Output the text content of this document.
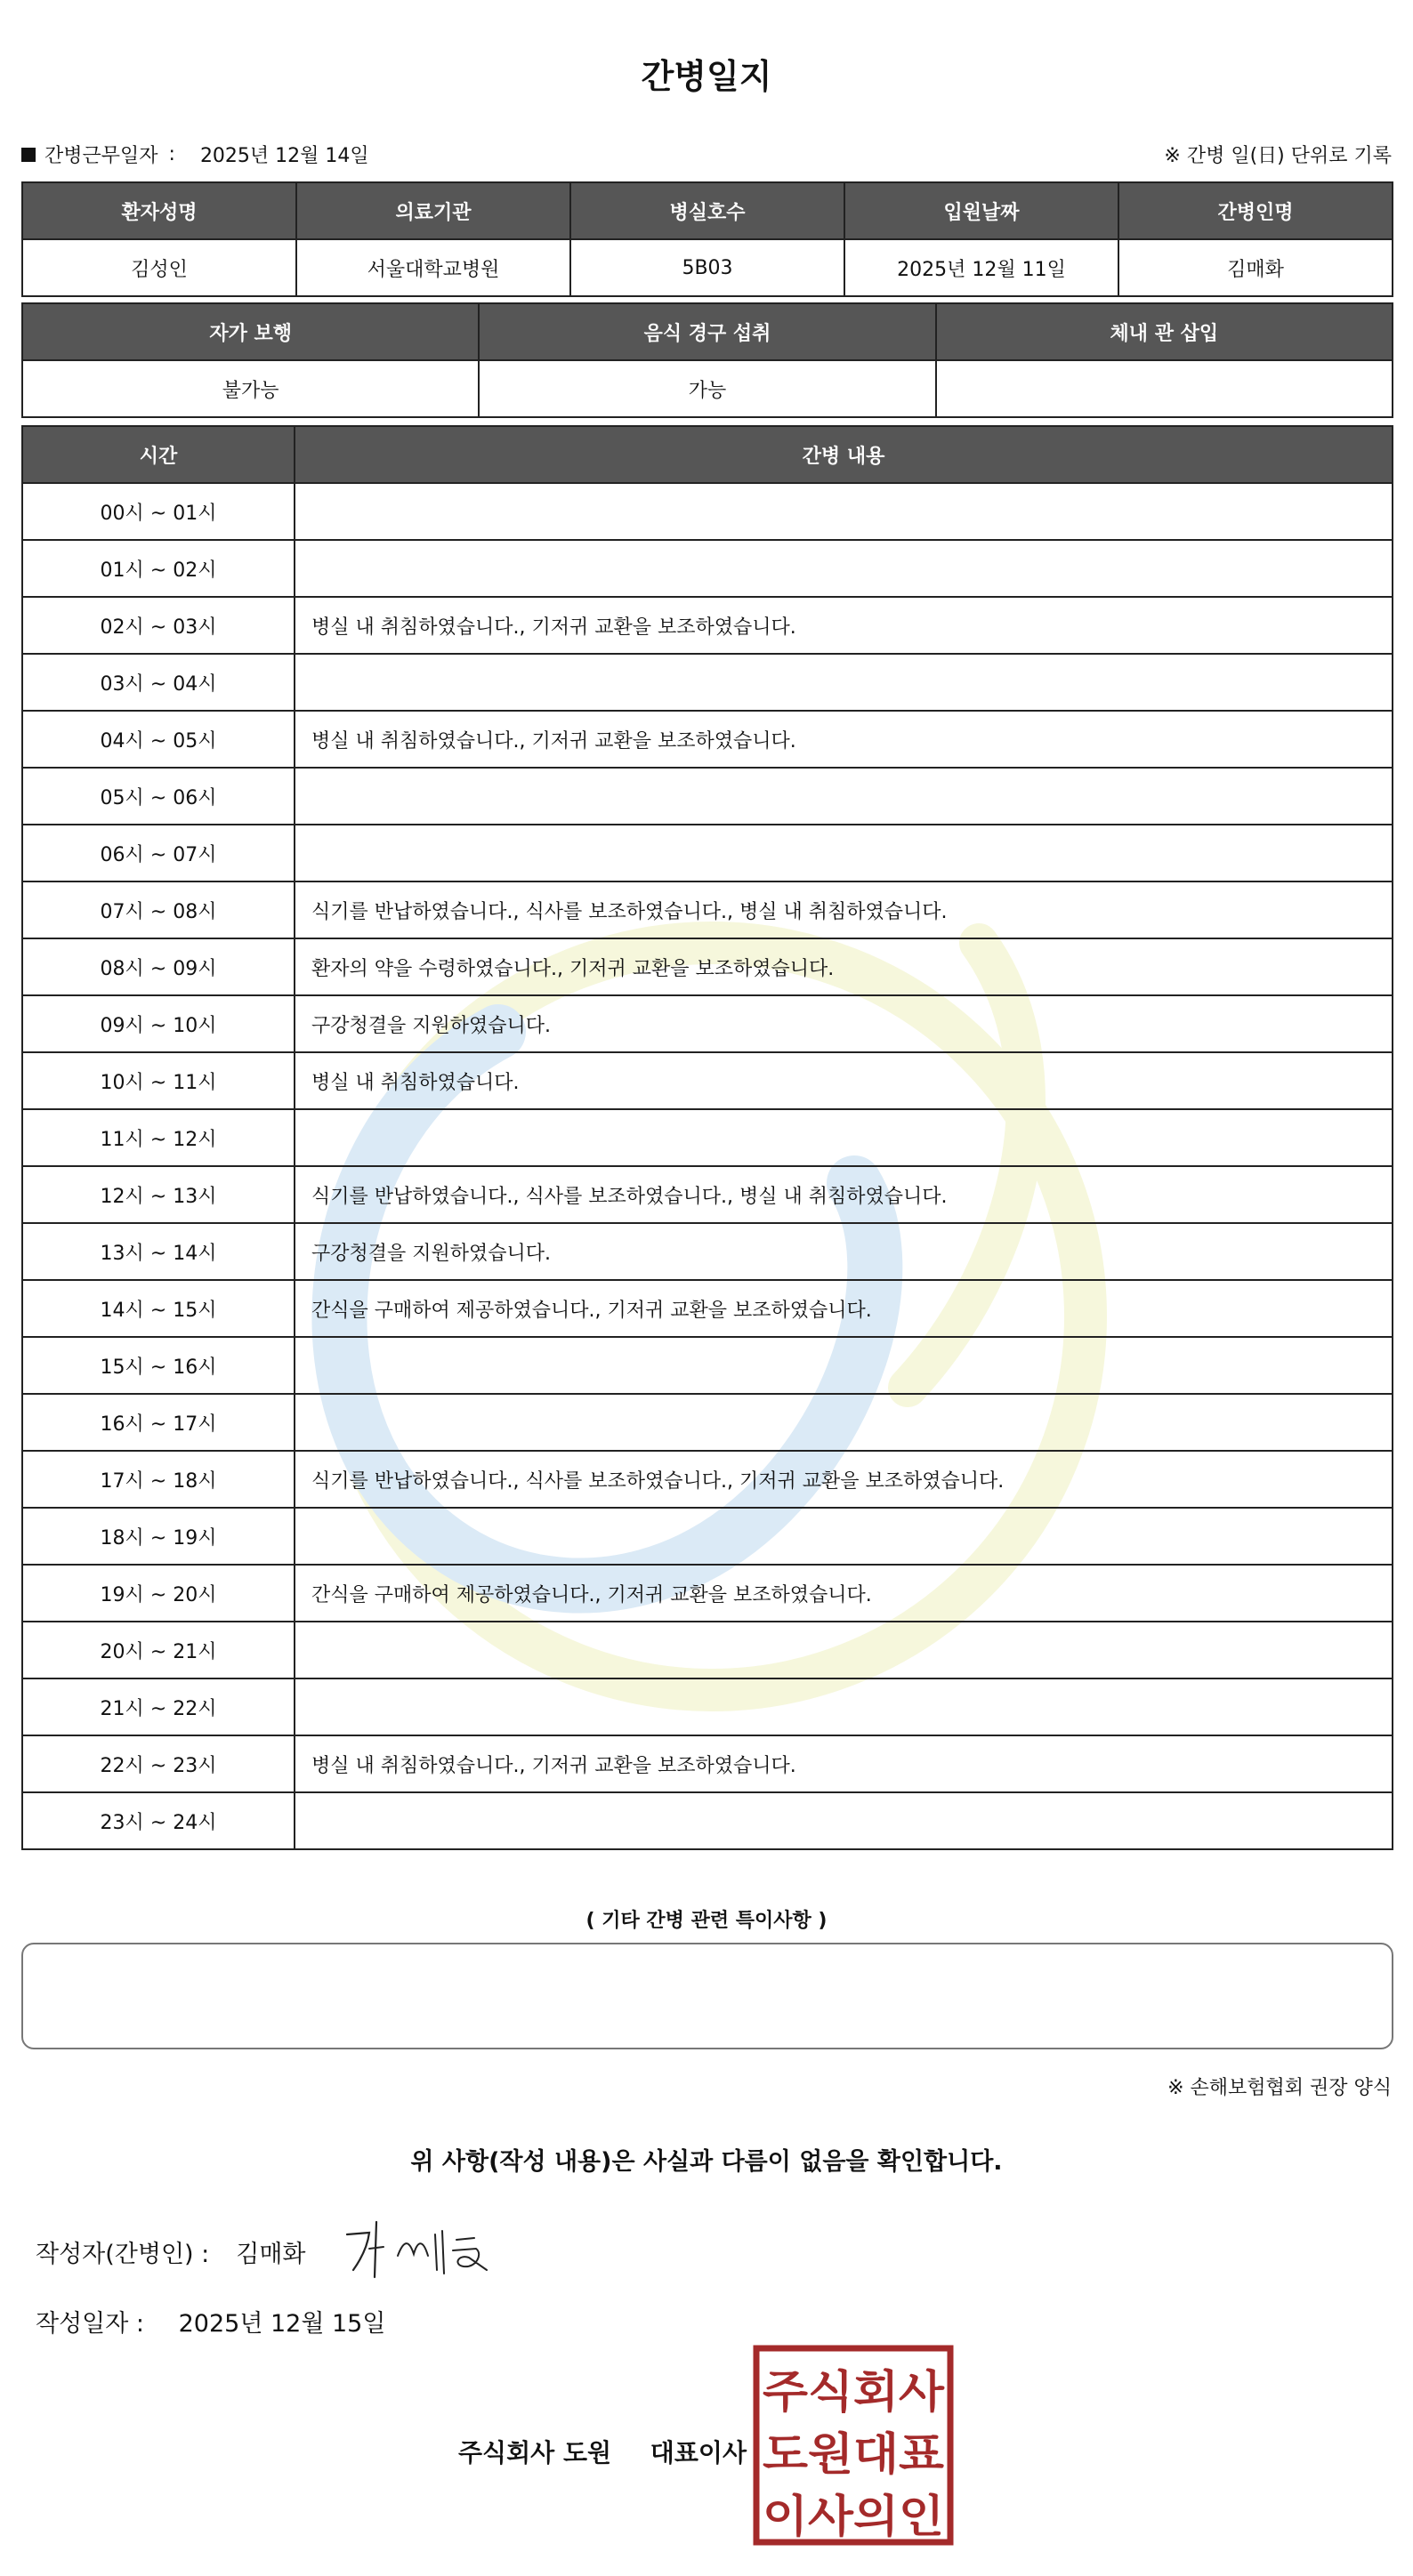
간병일지
간병근무일자 : 2025년 12월 14일	※ 간병 일(日) 단위로 기록
환자성명	의료기관	병실호수	입원날짜	간병인명
김성인	서울대학교병원	5B03	2025년 12월 11일	김매화
자가 보행	음식 경구 섭취	체내 관 삽입
불가능	가능	
시간	간병 내용
00시 ~ 01시	
01시 ~ 02시	
02시 ~ 03시	병실 내 취침하였습니다., 기저귀 교환을 보조하였습니다.
03시 ~ 04시	
04시 ~ 05시	병실 내 취침하였습니다., 기저귀 교환을 보조하였습니다.
05시 ~ 06시	
06시 ~ 07시	
07시 ~ 08시	식기를 반납하였습니다., 식사를 보조하였습니다., 병실 내 취침하였습니다.
08시 ~ 09시	환자의 약을 수령하였습니다., 기저귀 교환을 보조하였습니다.
09시 ~ 10시	구강청결을 지원하였습니다.
10시 ~ 11시	병실 내 취침하였습니다.
11시 ~ 12시	
12시 ~ 13시	식기를 반납하였습니다., 식사를 보조하였습니다., 병실 내 취침하였습니다.
13시 ~ 14시	구강청결을 지원하였습니다.
14시 ~ 15시	간식을 구매하여 제공하였습니다., 기저귀 교환을 보조하였습니다.
15시 ~ 16시	
16시 ~ 17시	
17시 ~ 18시	식기를 반납하였습니다., 식사를 보조하였습니다., 기저귀 교환을 보조하였습니다.
18시 ~ 19시	
19시 ~ 20시	간식을 구매하여 제공하였습니다., 기저귀 교환을 보조하였습니다.
20시 ~ 21시	
21시 ~ 22시	
22시 ~ 23시	병실 내 취침하였습니다., 기저귀 교환을 보조하였습니다.
23시 ~ 24시	
( 기타 간병 관련 특이사항 )
※ 손해보험협회 권장 양식
위 사항(작성 내용)은 사실과 다름이 없음을 확인합니다.
작성자(간병인) : 김매화
작성일자 : 2025년 12월 15일
주식회사 도원 대표이사
주식회사
도원대표
이사의인
